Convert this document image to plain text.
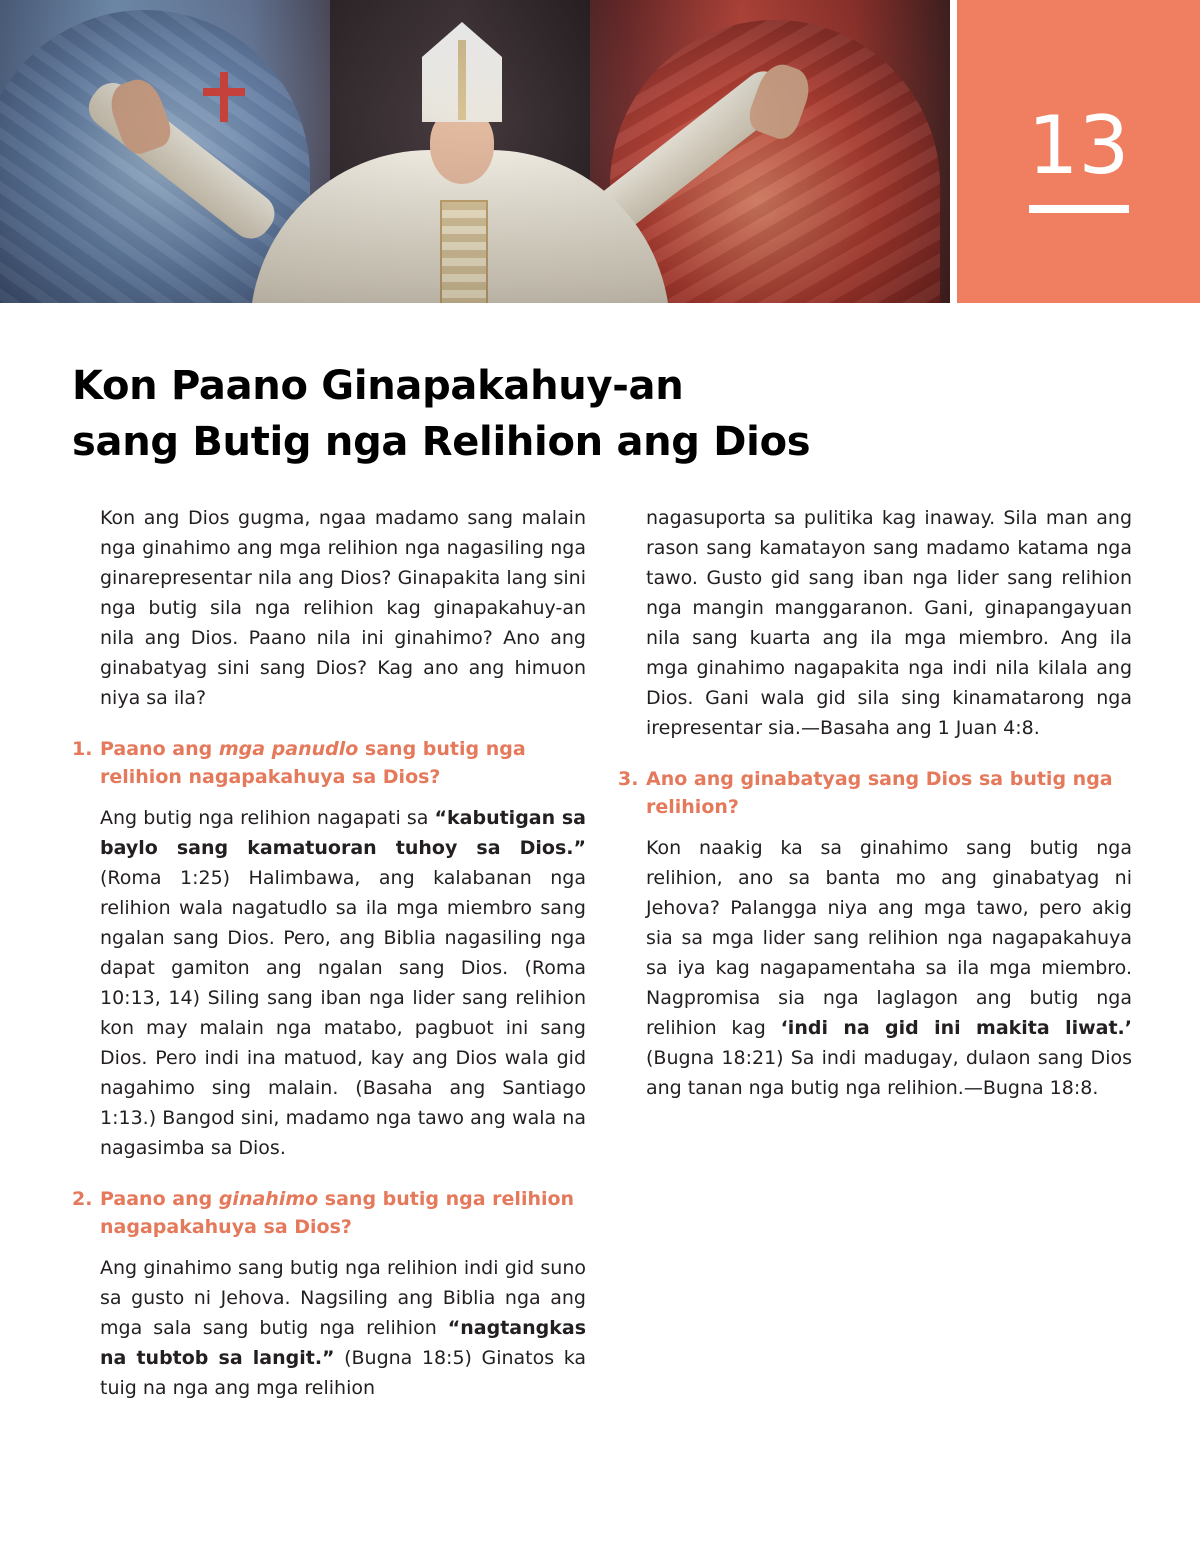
13
Kon Paano Ginapakahuy-an
sang Butig nga Relihion ang Dios

Kon ang Dios gugma, ngaa madamo sang malain nga ginahimo ang mga relihion nga nagasiling nga ginarepresentar nila ang Dios? Ginapakita lang sini nga butig sila nga relihion kag ginapakahuy-an nila ang Dios. Paano nila ini ginahimo? Ano ang ginabatyag sini sang Dios? Kag ano ang himuon niya sa ila?

1. Paano ang mga panudlo sang butig nga relihion nagapakahuya sa Dios?

Ang butig nga relihion nagapati sa “kabutigan sa baylo sang kamatuoran tuhoy sa Dios.” (Roma 1:25) Halimbawa, ang kalabanan nga relihion wala nagatudlo sa ila mga miembro sang ngalan sang Dios. Pero, ang Biblia nagasiling nga dapat gamiton ang ngalan sang Dios. (Roma 10:13, 14) Siling sang iban nga lider sang relihion kon may malain nga matabo, pagbuot ini sang Dios. Pero indi ina matuod, kay ang Dios wala gid nagahimo sing malain. (Basaha ang Santiago 1:13.) Bangod sini, madamo nga tawo ang wala na nagasimba sa Dios.

2. Paano ang ginahimo sang butig nga relihion nagapakahuya sa Dios?

Ang ginahimo sang butig nga relihion indi gid suno sa gusto ni Jehova. Nagsiling ang Biblia nga ang mga sala sang butig nga relihion “nagtangkas na tubtob sa langit.” (Bugna 18:5) Ginatos ka tuig na nga ang mga relihion

nagasuporta sa pulitika kag inaway. Sila man ang rason sang kamatayon sang madamo katama nga tawo. Gusto gid sang iban nga lider sang relihion nga mangin manggaranon. Gani, ginapangayuan nila sang kuarta ang ila mga miembro. Ang ila mga ginahimo nagapakita nga indi nila kilala ang Dios. Gani wala gid sila sing kinamatarong nga irepresentar sia.—Basaha ang 1 Juan 4:8.

3. Ano ang ginabatyag sang Dios sa butig nga relihion?

Kon naakig ka sa ginahimo sang butig nga relihion, ano sa banta mo ang ginabatyag ni Jehova? Palangga niya ang mga tawo, pero akig sia sa mga lider sang relihion nga nagapakahuya sa iya kag nagapamentaha sa ila mga miembro. Nagpromisa sia nga laglagon ang butig nga relihion kag ‘indi na gid ini makita liwat.’ (Bugna 18:21) Sa indi madugay, dulaon sang Dios ang tanan nga butig nga relihion.—Bugna 18:8.
